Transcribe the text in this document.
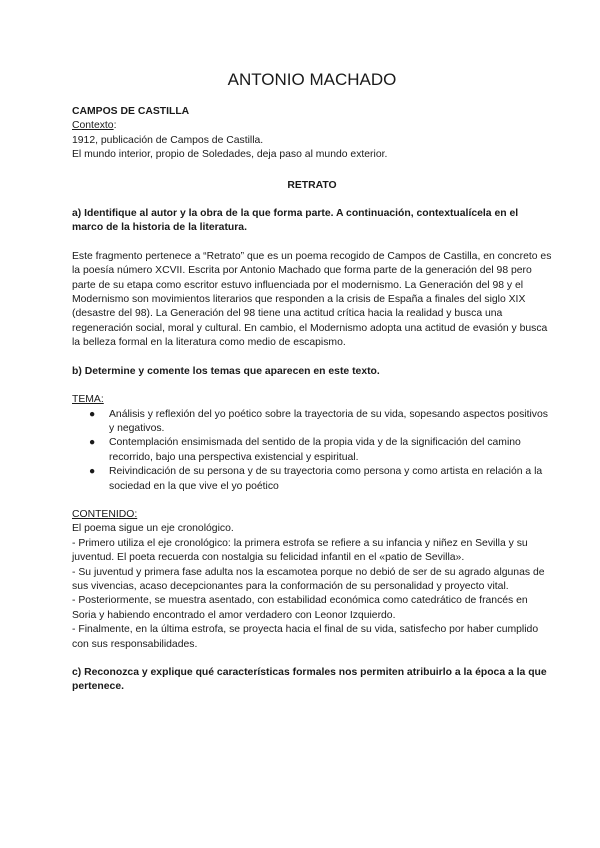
ANTONIO MACHADO

CAMPOS DE CASTILLA

Contexto:

1912, publicación de Campos de Castilla.

El mundo interior, propio de Soledades, deja paso al mundo exterior.

RETRATO

a) Identifique al autor y la obra de la que forma parte. A continuación, contextualícela en el marco de la historia de la literatura.

Este fragmento pertenece a “Retrato” que es un poema recogido de Campos de Castilla, en concreto es la poesía número XCVII. Escrita por Antonio Machado que forma parte de la generación del 98 pero parte de su etapa como escritor estuvo influenciada por el modernismo. La Generación del 98 y el Modernismo son movimientos literarios que responden a la crisis de España a finales del siglo XIX (desastre del 98). La Generación del 98 tiene una actitud crítica hacia la realidad y busca una regeneración social, moral y cultural. En cambio, el Modernismo adopta una actitud de evasión y busca la belleza formal en la literatura como medio de escapismo.

b) Determine y comente los temas que aparecen en este texto.

TEMA:

● Análisis y reflexión del yo poético sobre la trayectoria de su vida, sopesando aspectos positivos y negativos.
● Contemplación ensimismada del sentido de la propia vida y de la significación del camino recorrido, bajo una perspectiva existencial y espiritual.
● Reivindicación de su persona y de su trayectoria como persona y como artista en relación a la sociedad en la que vive el yo poético

CONTENIDO:

El poema sigue un eje cronológico.

- Primero utiliza el eje cronológico: la primera estrofa se refiere a su infancia y niñez en Sevilla y su juventud. El poeta recuerda con nostalgia su felicidad infantil en el «patio de Sevilla».

- Su juventud y primera fase adulta nos la escamotea porque no debió de ser de su agrado algunas de sus vivencias, acaso decepcionantes para la conformación de su personalidad y proyecto vital.

- Posteriormente, se muestra asentado, con estabilidad económica como catedrático de francés en Soria y habiendo encontrado el amor verdadero con Leonor Izquierdo.

- Finalmente, en la última estrofa, se proyecta hacia el final de su vida, satisfecho por haber cumplido con sus responsabilidades.

c) Reconozca y explique qué características formales nos permiten atribuirlo a la época a la que pertenece.
